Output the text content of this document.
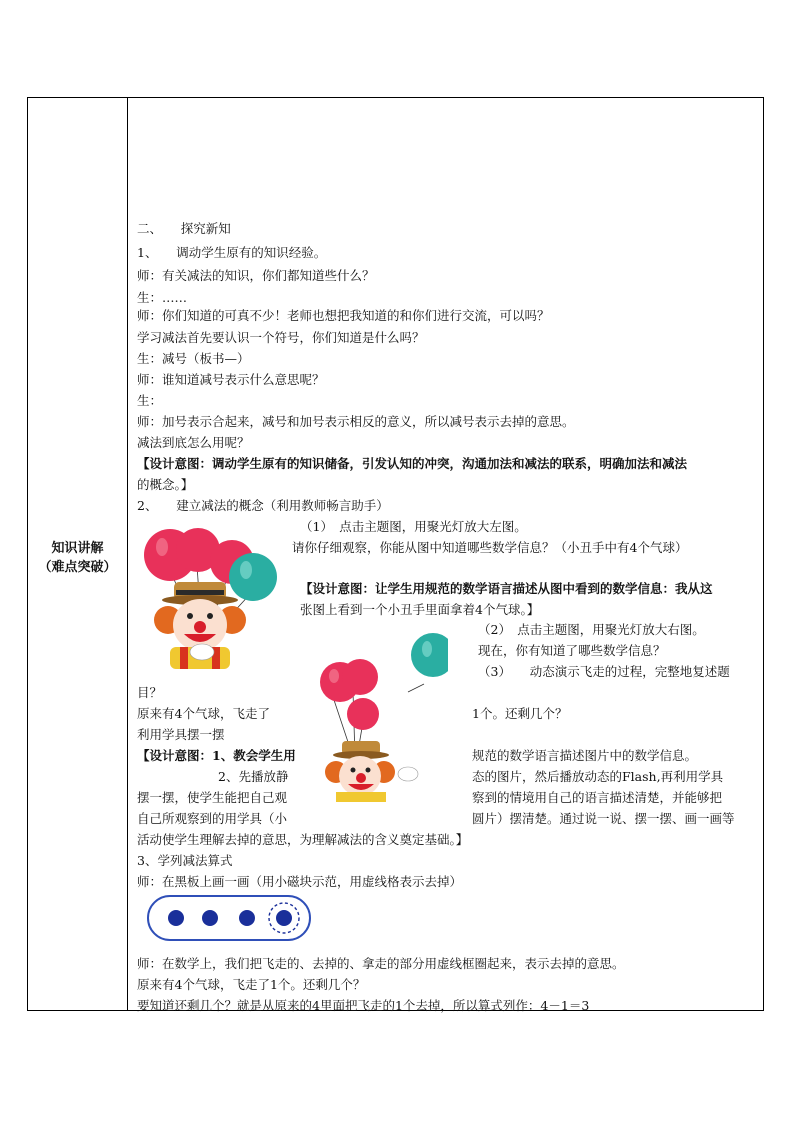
知识讲解
（难点突破）
二、　　探究新知
1、　　调动学生原有的知识经验。
师：有关减法的知识，你们都知道些什么？
生：……
师：你们知道的可真不少！老师也想把我知道的和你们进行交流，可以吗？
学习减法首先要认识一个符号，你们知道是什么吗？
生：减号（板书—）
师：谁知道减号表示什么意思呢？
生：
师：加号表示合起来，减号和加号表示相反的意义，所以减号表示去掉的意思。
减法到底怎么用呢？
【设计意图：调动学生原有的知识储备，引发认知的冲突，沟通加法和减法的联系，明确加法和减法
的概念。】
2、　　建立减法的概念（利用教师畅言助手）
（1）　点击主题图，用聚光灯放大左图。
请你仔细观察，你能从图中知道哪些数学信息？（小丑手中有4个气球）
【设计意图：让学生用规范的数学语言描述从图中看到的数学信息：我从这
张图上看到一个小丑手里面拿着4个气球。】
（2）　点击主题图，用聚光灯放大右图。
现在，你有知道了哪些数学信息？
（3）　　动态演示飞走的过程，完整地复述题
目？
原来有4个气球，飞走了	1个。还剩几个？
利用学具摆一摆
【设计意图：1、教会学生用	规范的数学语言描述图片中的数学信息。
2、先播放静	态的图片，然后播放动态的Flash,再利用学具
摆一摆，使学生能把自己观	察到的情境用自己的语言描述清楚，并能够把
自己所观察到的用学具（小	圆片）摆清楚。通过说一说、摆一摆、画一画等
活动使学生理解去掉的意思，为理解减法的含义奠定基础。】
3、学列减法算式
师：在黑板上画一画（用小磁块示范，用虚线格表示去掉）
师：在数学上，我们把飞走的、去掉的、拿走的部分用虚线框圈起来，表示去掉的意思。
原来有4个气球，飞走了1个。还剩几个？
要知道还剩几个？就是从原来的4里面把飞走的1个去掉，所以算式列作：4－1＝3
